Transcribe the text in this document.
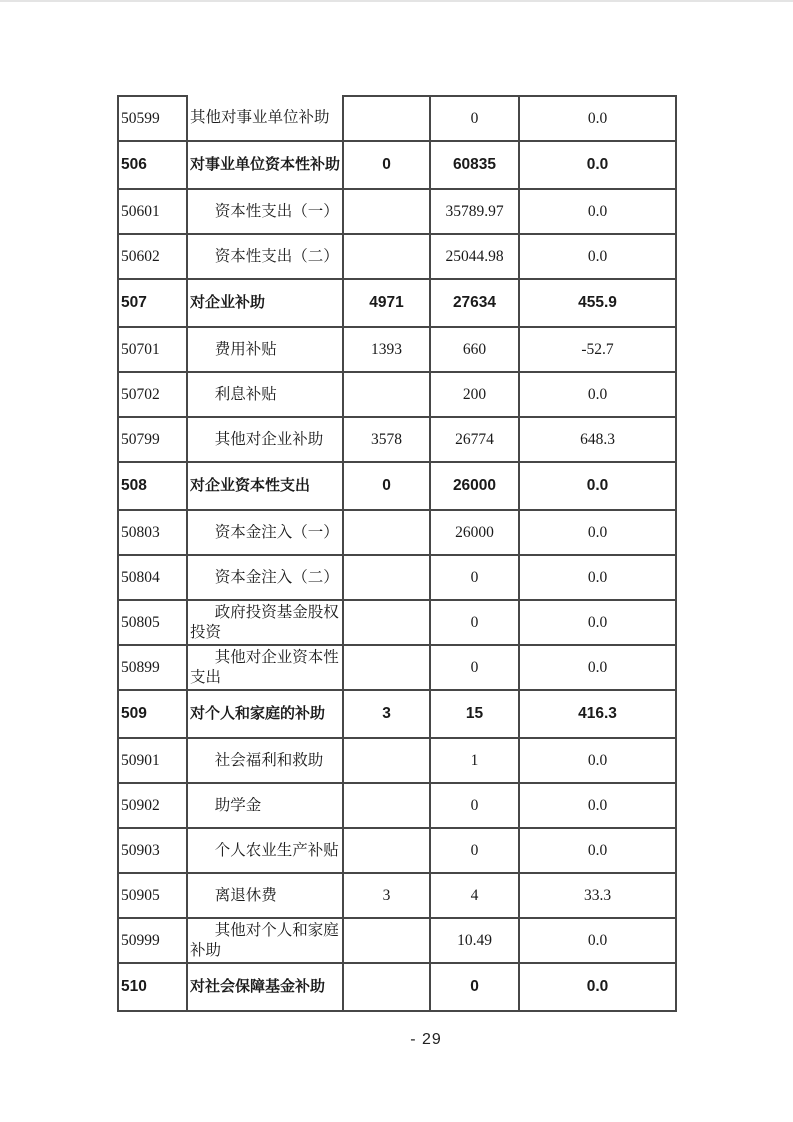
50599	其他对事业单位补助		0	0.0
506	对事业单位资本性补助	0	60835	0.0
50601	资本性支出（一）		35789.97	0.0
50602	资本性支出（二）		25044.98	0.0
507	对企业补助	4971	27634	455.9
50701	费用补贴	1393	660	-52.7
50702	利息补贴		200	0.0
50799	其他对企业补助	3578	26774	648.3
508	对企业资本性支出	0	26000	0.0
50803	资本金注入（一）		26000	0.0
50804	资本金注入（二）		0	0.0
50805	政府投资基金股权投资		0	0.0
50899	其他对企业资本性支出		0	0.0
509	对个人和家庭的补助	3	15	416.3
50901	社会福利和救助		1	0.0
50902	助学金		0	0.0
50903	个人农业生产补贴		0	0.0
50905	离退休费	3	4	33.3
50999	其他对个人和家庭补助		10.49	0.0
510	对社会保障基金补助		0	0.0
- 29
